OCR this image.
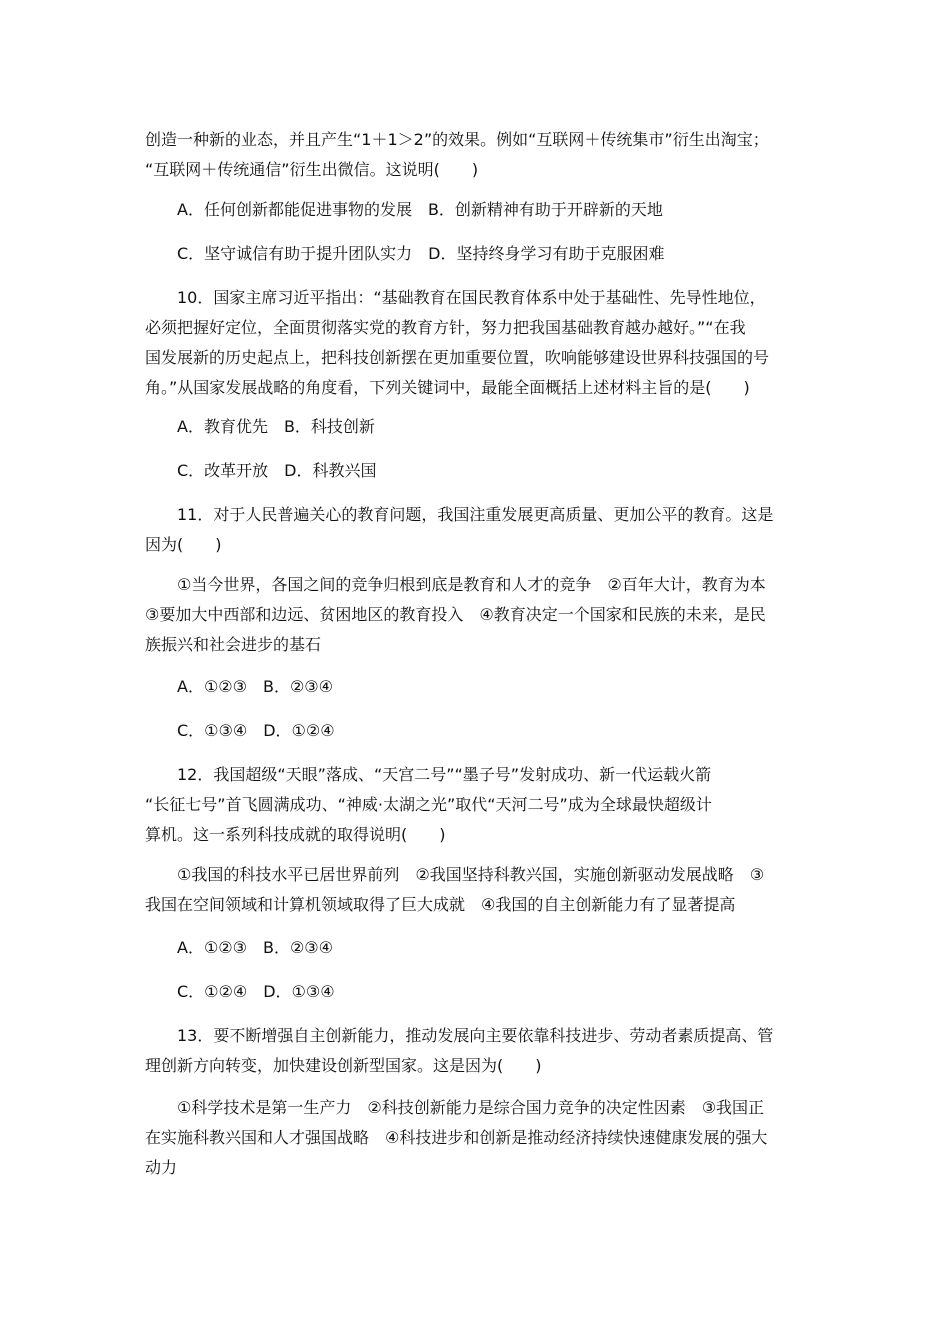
创造一种新的业态，并且产生“1＋1＞2”的效果。例如“互联网＋传统集市”衍生出淘宝；
“互联网＋传统通信”衍生出微信。这说明(　　)

A．任何创新都能促进事物的发展　B．创新精神有助于开辟新的天地

C．坚守诚信有助于提升团队实力　D．坚持终身学习有助于克服困难

10．国家主席习近平指出：“基础教育在国民教育体系中处于基础性、先导性地位，
必须把握好定位，全面贯彻落实党的教育方针，努力把我国基础教育越办越好。”“在我
国发展新的历史起点上，把科技创新摆在更加重要位置，吹响能够建设世界科技强国的号
角。”从国家发展战略的角度看，下列关键词中，最能全面概括上述材料主旨的是(　　)

A．教育优先　B．科技创新

C．改革开放　D．科教兴国

11．对于人民普遍关心的教育问题，我国注重发展更高质量、更加公平的教育。这是
因为(　　)

①当今世界，各国之间的竞争归根到底是教育和人才的竞争　②百年大计，教育为本
③要加大中西部和边远、贫困地区的教育投入　④教育决定一个国家和民族的未来，是民
族振兴和社会进步的基石

A．①②③　B．②③④

C．①③④　D．①②④

12．我国超级“天眼”落成、“天宫二号”“墨子号”发射成功、新一代运载火箭
“长征七号”首飞圆满成功、“神威·太湖之光”取代“天河二号”成为全球最快超级计
算机。这一系列科技成就的取得说明(　　)

①我国的科技水平已居世界前列　②我国坚持科教兴国，实施创新驱动发展战略　③
我国在空间领域和计算机领域取得了巨大成就　④我国的自主创新能力有了显著提高

A．①②③　B．②③④

C．①②④　D．①③④

13．要不断增强自主创新能力，推动发展向主要依靠科技进步、劳动者素质提高、管
理创新方向转变，加快建设创新型国家。这是因为(　　)

①科学技术是第一生产力　②科技创新能力是综合国力竞争的决定性因素　③我国正
在实施科教兴国和人才强国战略　④科技进步和创新是推动经济持续快速健康发展的强大
动力
